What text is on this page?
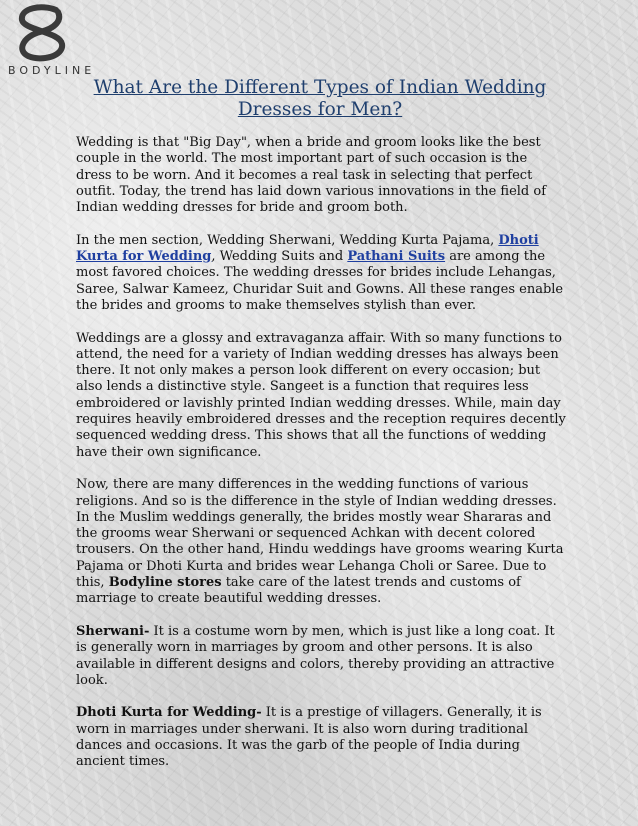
BODYLINE
What Are the Different Types of Indian Wedding Dresses for Men?

Wedding is that "Big Day", when a bride and groom looks like the best couple in the world. The most important part of such occasion is the dress to be worn. And it becomes a real task in selecting that perfect outfit. Today, the trend has laid down various innovations in the field of Indian wedding dresses for bride and groom both.

In the men section, Wedding Sherwani, Wedding Kurta Pajama, Dhoti Kurta for Wedding, Wedding Suits and Pathani Suits are among the most favored choices. The wedding dresses for brides include Lehangas, Saree, Salwar Kameez, Churidar Suit and Gowns. All these ranges enable the brides and grooms to make themselves stylish than ever.

Weddings are a glossy and extravaganza affair. With so many functions to attend, the need for a variety of Indian wedding dresses has always been there. It not only makes a person look different on every occasion; but also lends a distinctive style. Sangeet is a function that requires less embroidered or lavishly printed Indian wedding dresses. While, main day requires heavily embroidered dresses and the reception requires decently sequenced wedding dress. This shows that all the functions of wedding have their own significance.

Now, there are many differences in the wedding functions of various religions. And so is the difference in the style of Indian wedding dresses. In the Muslim weddings generally, the brides mostly wear Shararas and the grooms wear Sherwani or sequenced Achkan with decent colored trousers. On the other hand, Hindu weddings have grooms wearing Kurta Pajama or Dhoti Kurta and brides wear Lehanga Choli or Saree. Due to this, Bodyline stores take care of the latest trends and customs of marriage to create beautiful wedding dresses.

Sherwani- It is a costume worn by men, which is just like a long coat. It is generally worn in marriages by groom and other persons. It is also available in different designs and colors, thereby providing an attractive look.

Dhoti Kurta for Wedding- It is a prestige of villagers. Generally, it is worn in marriages under sherwani. It is also worn during traditional dances and occasions. It was the garb of the people of India during ancient times.
